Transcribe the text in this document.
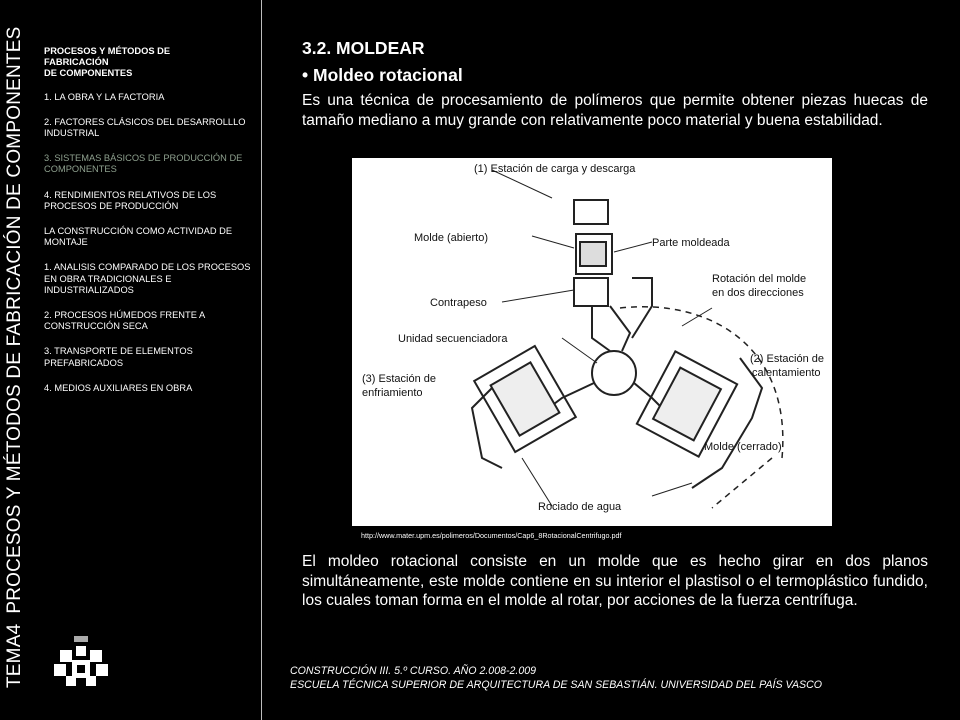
TEMA4PROCESOS Y MÉTODOS DE FABRICACIÓN DE COMPONENTES	PROCESOS Y MÉTODOS DE
FABRICACIÓN
DE COMPONENTES
1. LA OBRA Y LA FACTORIA
2. FACTORES CLÁSICOS DEL DESARROLLLO INDUSTRIAL
3. SISTEMAS BÁSICOS DE PRODUCCIÓN DE COMPONENTES
4. RENDIMIENTOS RELATIVOS DE LOS PROCESOS DE PRODUCCIÓN
LA CONSTRUCCIÓN COMO ACTIVIDAD DE MONTAJE
1. ANALISIS COMPARADO DE LOS PROCESOS EN OBRA TRADICIONALES E INDUSTRIALIZADOS
2. PROCESOS HÚMEDOS FRENTE A CONSTRUCCIÓN SECA
3. TRANSPORTE DE ELEMENTOS PREFABRICADOS
4. MEDIOS AUXILIARES EN OBRA
3.2. MOLDEAR
• Moldeo rotacional
Es una técnica de procesamiento de polímeros que permite obtener piezas huecas de tamaño mediano a muy grande con relativamente poco material y buena estabilidad.
(1) Estación de carga y descarga
Molde (abierto)	Parte moldeada
Rotación del molde
en dos direcciones
Contrapeso
Unidad secuenciadora
(2) Estación de
calentamiento
(3) Estación de
enfriamiento
Molde (cerrado)
Rociado de agua
http://www.mater.upm.es/polimeros/Documentos/Cap6_8RotacionalCentrifugo.pdf
El moldeo rotacional consiste en un molde que es hecho girar en dos planos simultáneamente, este molde contiene en su interior el plastisol o el termoplástico fundido, los cuales toman forma en el molde al rotar, por acciones de la fuerza centrífuga.
CONSTRUCCIÓN III. 5.º CURSO. AÑO 2.008-2.009
ESCUELA TÉCNICA SUPERIOR DE ARQUITECTURA DE SAN SEBASTIÁN. UNIVERSIDAD DEL PAÍS VASCO
